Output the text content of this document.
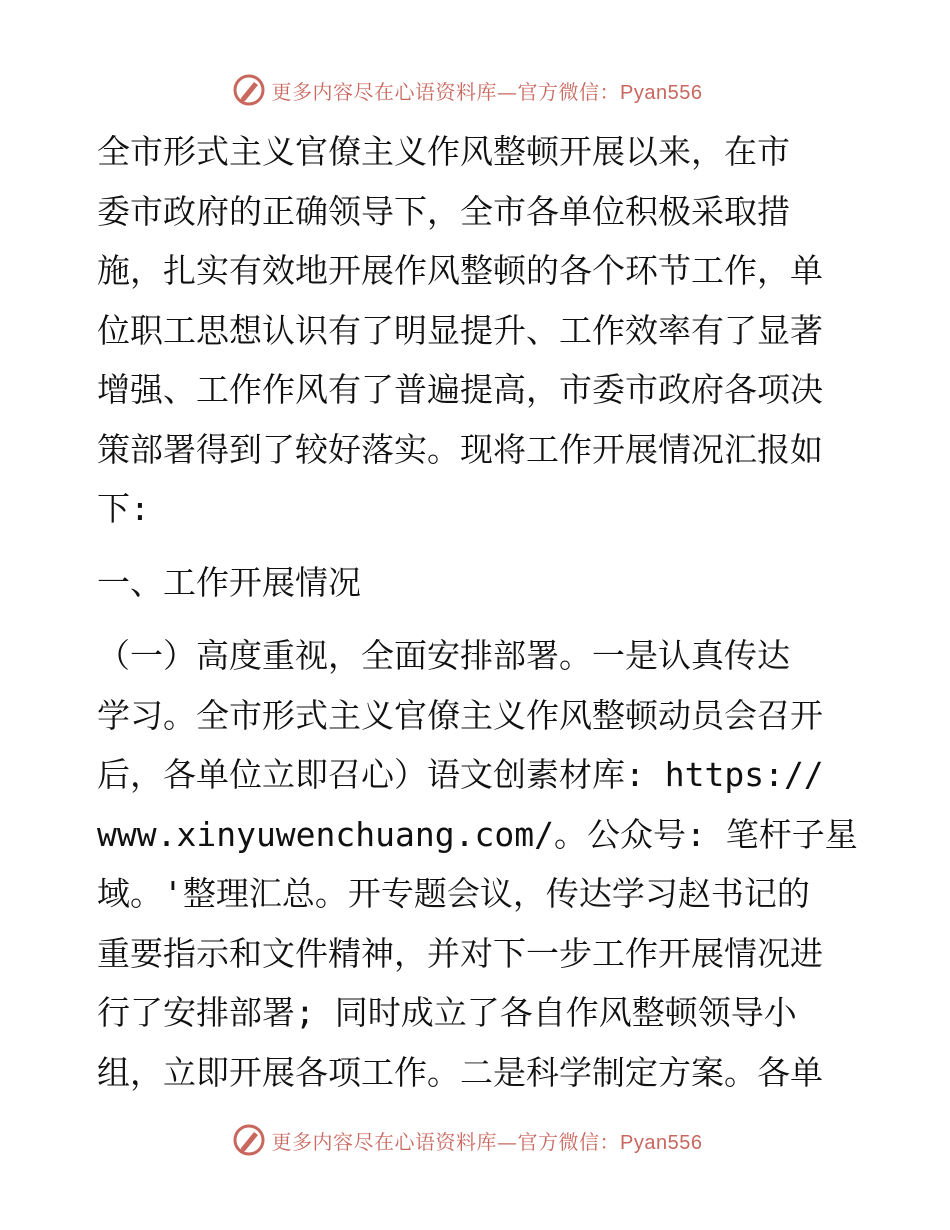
更多内容尽在心语资料库—官方微信：Pyan556
全市形式主义官僚主义作风整顿开展以来，在市
委市政府的正确领导下，全市各单位积极采取措
施，扎实有效地开展作风整顿的各个环节工作，单
位职工思想认识有了明显提升、工作效率有了显著
增强、工作作风有了普遍提高，市委市政府各项决
策部署得到了较好落实。现将工作开展情况汇报如
下:
一、工作开展情况
（一）高度重视，全面安排部署。一是认真传达
学习。全市形式主义官僚主义作风整顿动员会召开
后，各单位立即召心）语文创素材库: https://
www.xinyuwenchuang.com/。公众号: 笔杆子星
域。'整理汇总。开专题会议，传达学习赵书记的
重要指示和文件精神，并对下一步工作开展情况进
行了安排部署; 同时成立了各自作风整顿领导小
组，立即开展各项工作。二是科学制定方案。各单
更多内容尽在心语资料库—官方微信：Pyan556
